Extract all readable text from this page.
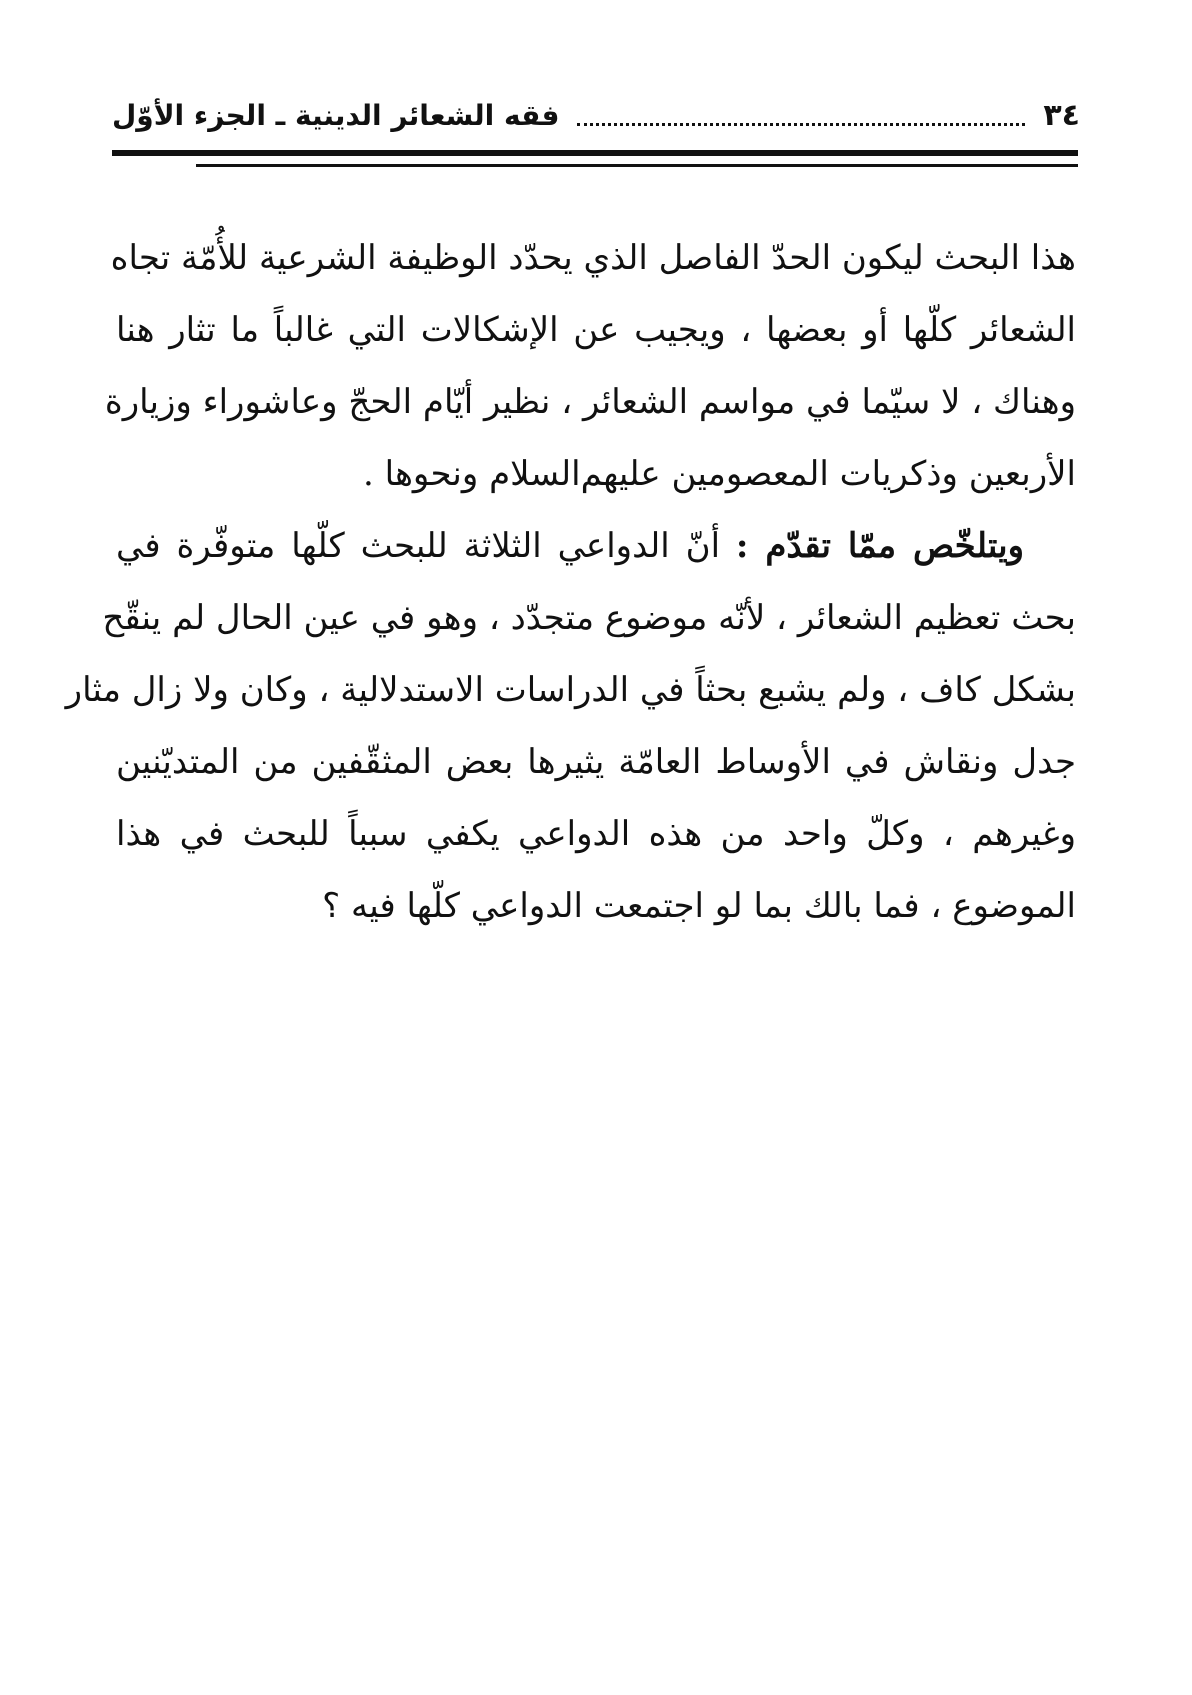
٣٤
فقه الشعائر الدينية ـ الجزء الأوّل
هذا البحث ليكون الحدّ الفاصل الذي يحدّد الوظيفة الشرعية للأُمّة تجاه
الشعائر كلّها أو بعضها ، ويجيب عن الإشكالات التي غالباً ما تثار هنا
وهناك ، لا سيّما في مواسم الشعائر ، نظير أيّام الحجّ وعاشوراء وزيارة
الأربعين وذكريات المعصومين عليهم‌السلام ونحوها .
ويتلخّص ممّا تقدّم : أنّ الدواعي الثلاثة للبحث كلّها متوفّرة في
بحث تعظيم الشعائر ، لأنّه موضوع متجدّد ، وهو في عين الحال لم ينقّح
بشكل كاف ، ولم يشبع بحثاً في الدراسات الاستدلالية ، وكان ولا زال مثار
جدل ونقاش في الأوساط العامّة يثيرها بعض المثقّفين من المتديّنين
وغيرهم ، وكلّ واحد من هذه الدواعي يكفي سبباً للبحث في هذا
الموضوع ، فما بالك بما لو اجتمعت الدواعي كلّها فيه ؟
